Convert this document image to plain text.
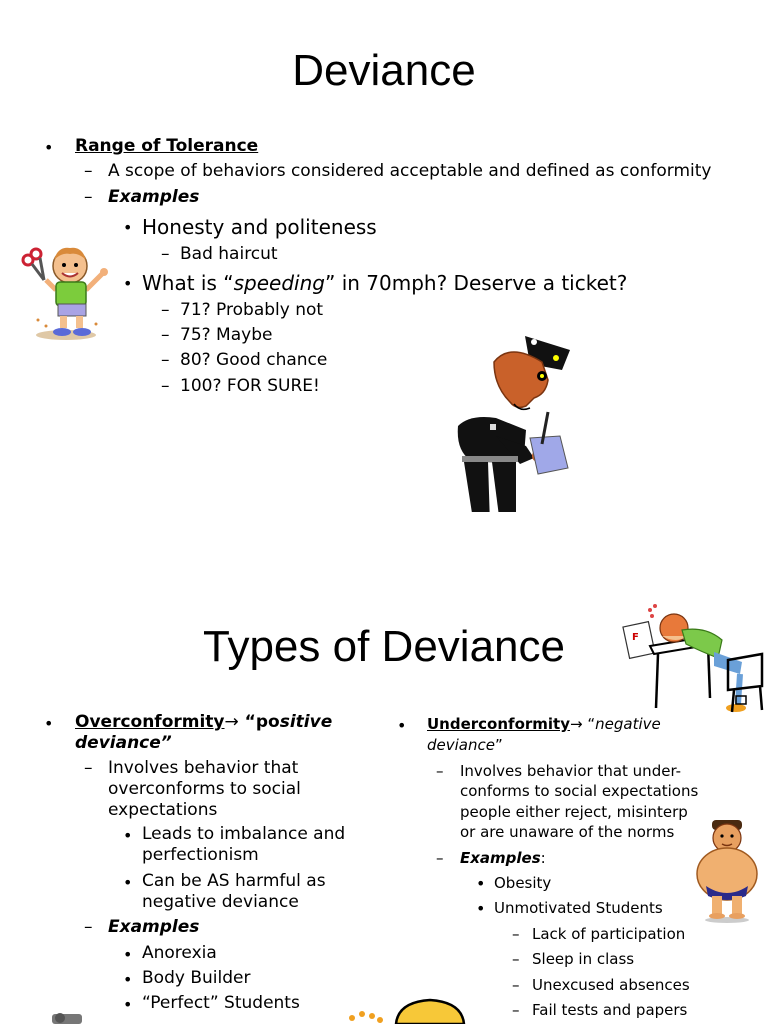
Deviance
• Range of Tolerance
– A scope of behaviors considered acceptable and defined as conformity
– Examples
• Honesty and politeness
– Bad haircut
• What is “speeding” in 70mph? Deserve a ticket?
– 71? Probably not
– 75? Maybe
– 80? Good chance
– 100? FOR SURE!
Types of Deviance
• Overconformity→ “positive
deviance”
– Involves behavior that
overconforms to social
expectations
• Leads to imbalance and
perfectionism
• Can be AS harmful as
negative deviance
– Examples
• Anorexia
• Body Builder
• “Perfect” Students
• Underconformity→ “negative
deviance”
– Involves behavior that under-
conforms to social expectations
people either reject, misinterp
or are unaware of the norms
– Examples:
• Obesity
• Unmotivated Students
– Lack of participation
– Sleep in class
– Unexcused absences
– Fail tests and papers
F
